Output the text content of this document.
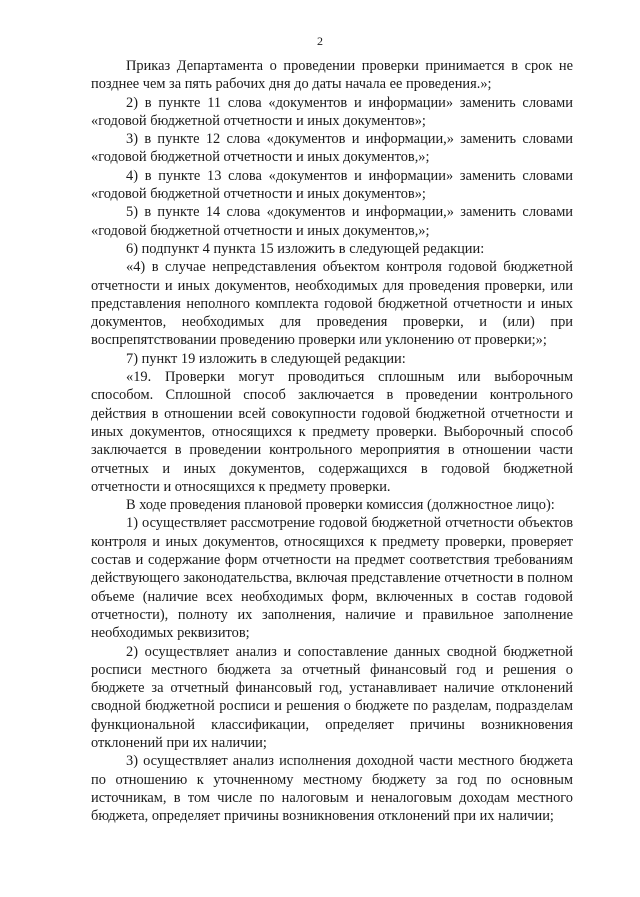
2

Приказ Департамента о проведении проверки принимается в срок не позднее чем за пять рабочих дня до даты начала ее проведения.»;

2) в пункте 11 слова «документов и информации» заменить словами «годовой бюджетной отчетности и иных документов»;

3) в пункте 12 слова «документов и информации,» заменить словами «годовой бюджетной отчетности и иных документов,»;

4) в пункте 13 слова «документов и информации» заменить словами «годовой бюджетной отчетности и иных документов»;

5) в пункте 14 слова «документов и информации,» заменить словами «годовой бюджетной отчетности и иных документов,»;

6) подпункт 4 пункта 15 изложить в следующей редакции:

«4) в случае непредставления объектом контроля годовой бюджетной отчетности и иных документов, необходимых для проведения проверки, или представления неполного комплекта годовой бюджетной отчетности и иных документов, необходимых для проведения проверки, и (или) при воспрепятствовании проведению проверки или уклонению от проверки;»;

7) пункт 19 изложить в следующей редакции:

«19. Проверки могут проводиться сплошным или выборочным способом. Сплошной способ заключается в проведении контрольного действия в отношении всей совокупности годовой бюджетной отчетности и иных документов, относящихся к предмету проверки. Выборочный способ заключается в проведении контрольного мероприятия в отношении части отчетных и иных документов, содержащихся в годовой бюджетной отчетности и относящихся к предмету проверки.

В ходе проведения плановой проверки комиссия (должностное лицо):

1) осуществляет рассмотрение годовой бюджетной отчетности объектов контроля и иных документов, относящихся к предмету проверки, проверяет состав и содержание форм отчетности на предмет соответствия требованиям действующего законодательства, включая представление отчетности в полном объеме (наличие всех необходимых форм, включенных в состав годовой отчетности), полноту их заполнения, наличие и правильное заполнение необходимых реквизитов;

2) осуществляет анализ и сопоставление данных сводной бюджетной росписи местного бюджета за отчетный финансовый год и решения о бюджете за отчетный финансовый год, устанавливает наличие отклонений сводной бюджетной росписи и решения о бюджете по разделам, подразделам функциональной классификации, определяет причины возникновения отклонений при их наличии;

3) осуществляет анализ исполнения доходной части местного бюджета по отношению к уточненному местному бюджету за год по основным источникам, в том числе по налоговым и неналоговым доходам местного бюджета, определяет причины возникновения отклонений при их наличии;
